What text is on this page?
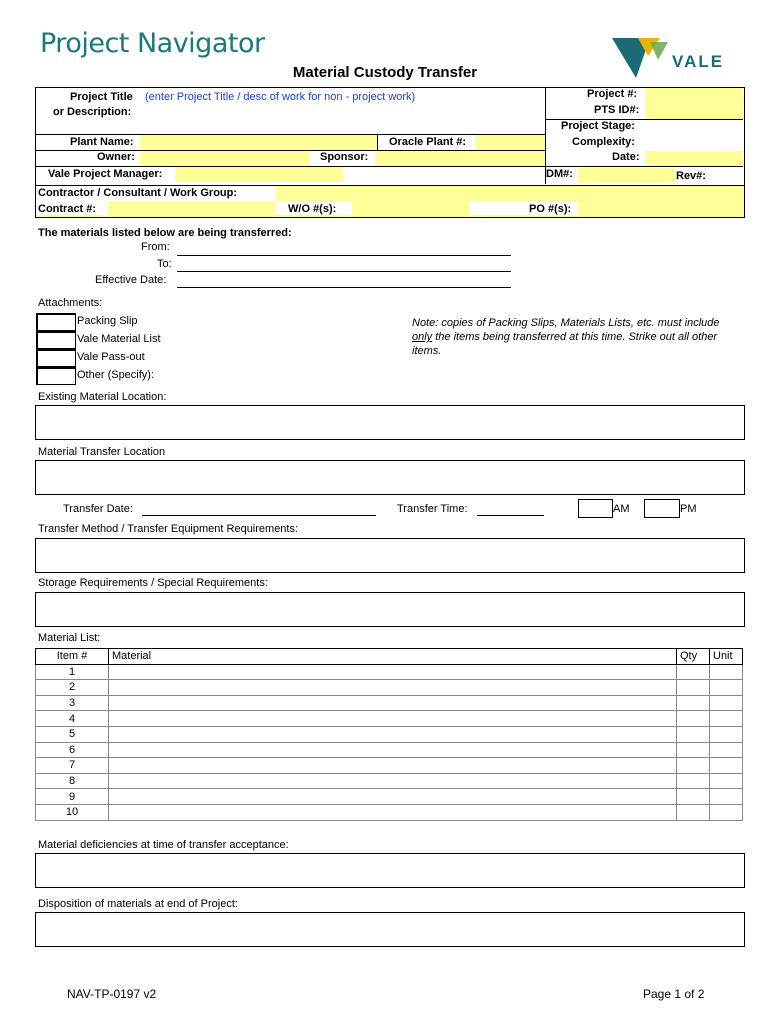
Project Navigator
VALE
Material Custody Transfer
Project Title (enter Project Title / desc of work for non - project work)
or Description:
Project #:
PTS ID#:
Project Stage:
Complexity:
Date:
DM#:	Rev#:
Plant Name:	Oracle Plant #:
Owner:	Sponsor:
Vale Project Manager:
Contractor / Consultant / Work Group:
Contract #:	W/O #(s):	PO #(s):
The materials listed below are being transferred:
From:
To:
Effective Date:
Attachments:
Packing Slip
Vale Material List
Vale Pass-out
Other (Specify):
Note: copies of Packing Slips, Materials Lists, etc. must include only the items being transferred at this time. Strike out all other items.
Existing Material Location:
Material Transfer Location
Transfer Date:	Transfer Time:	AM	PM
Transfer Method / Transfer Equipment Requirements:
Storage Requirements / Special Requirements:
Material List:
Item #	Material	Qty	Unit
1			
2			
3			
4			
5			
6			
7			
8			
9			
10			
Material deficiencies at time of transfer acceptance:
Disposition of materials at end of Project:
NAV-TP-0197 v2	Page 1 of 2
